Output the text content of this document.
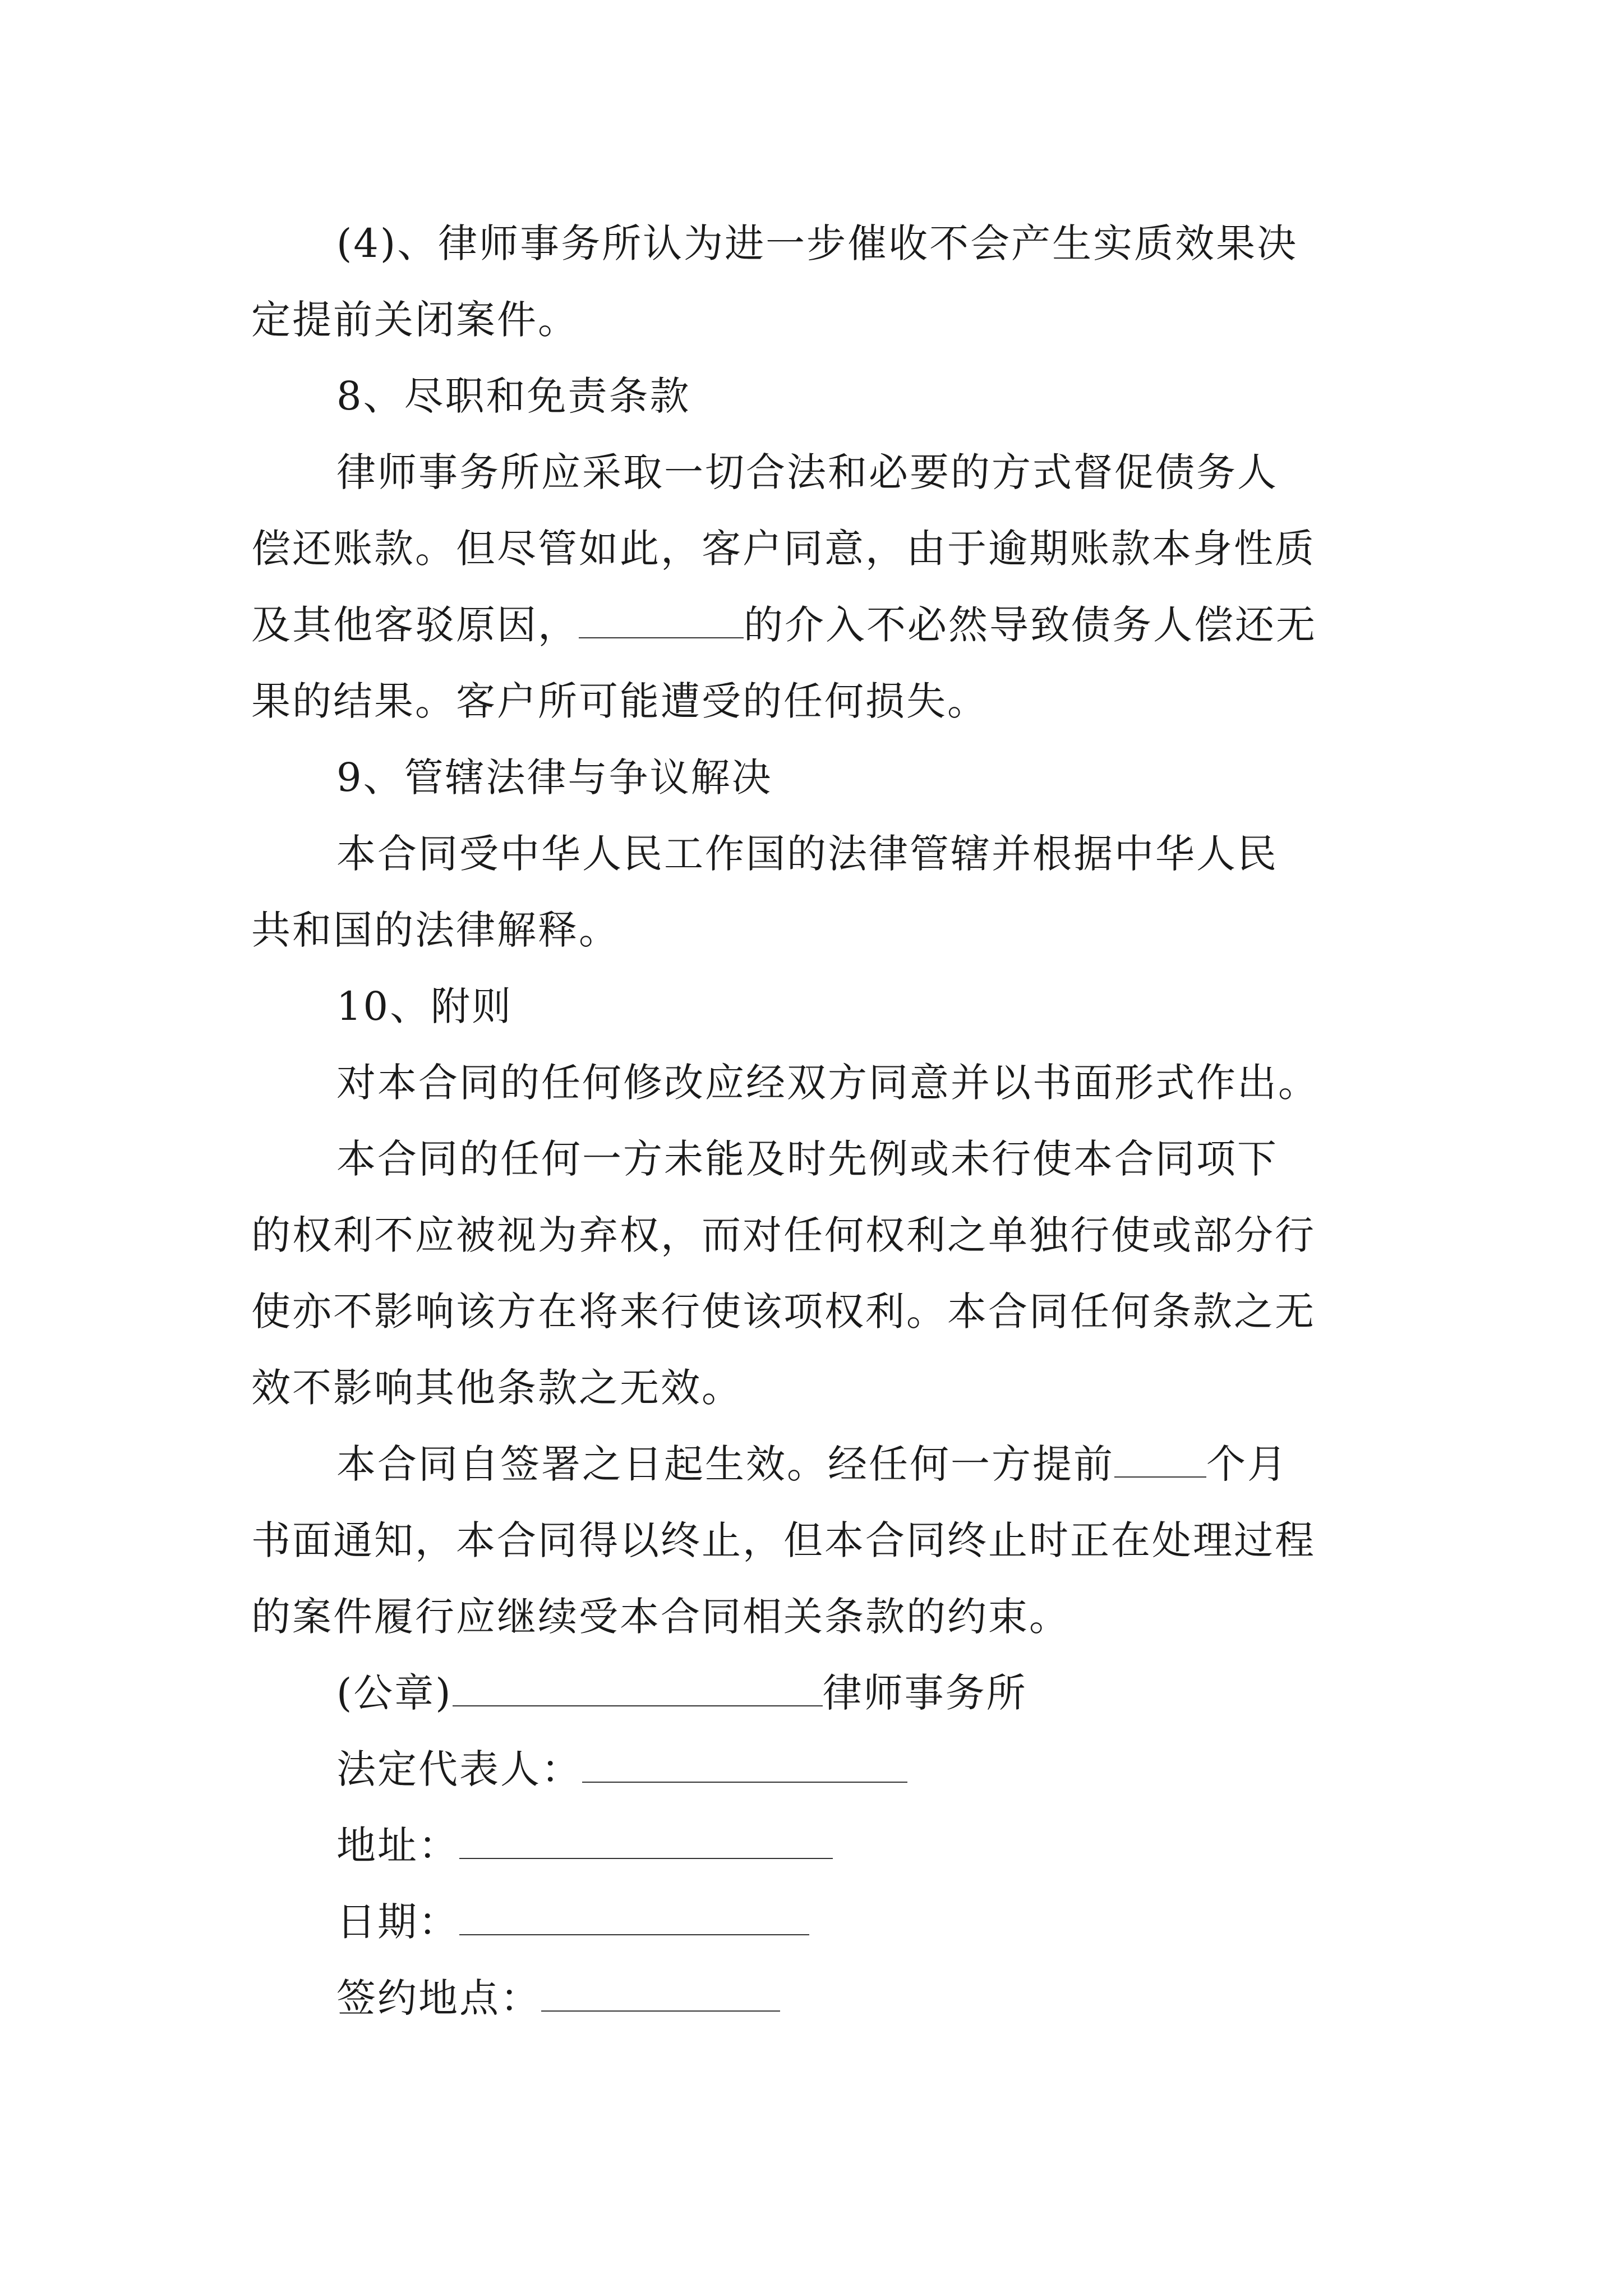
(4)、律师事务所认为进一步催收不会产生实质效果决
定提前关闭案件。
8、尽职和免责条款
律师事务所应采取一切合法和必要的方式督促债务人
偿还账款。但尽管如此，客户同意，由于逾期账款本身性质
及其他客驳原因，	的介入不必然导致债务人偿还无
果的结果。客户所可能遭受的任何损失。
9、管辖法律与争议解决
本合同受中华人民工作国的法律管辖并根据中华人民
共和国的法律解释。
10、附则
对本合同的任何修改应经双方同意并以书面形式作出。
本合同的任何一方未能及时先例或未行使本合同项下
的权利不应被视为弃权，而对任何权利之单独行使或部分行
使亦不影响该方在将来行使该项权利。本合同任何条款之无
效不影响其他条款之无效。
本合同自签署之日起生效。经任何一方提前 个月
书面通知，本合同得以终止，但本合同终止时正在处理过程
的案件履行应继续受本合同相关条款的约束。
(公章)	律师事务所
法定代表人：
地址：
日期：
签约地点：
